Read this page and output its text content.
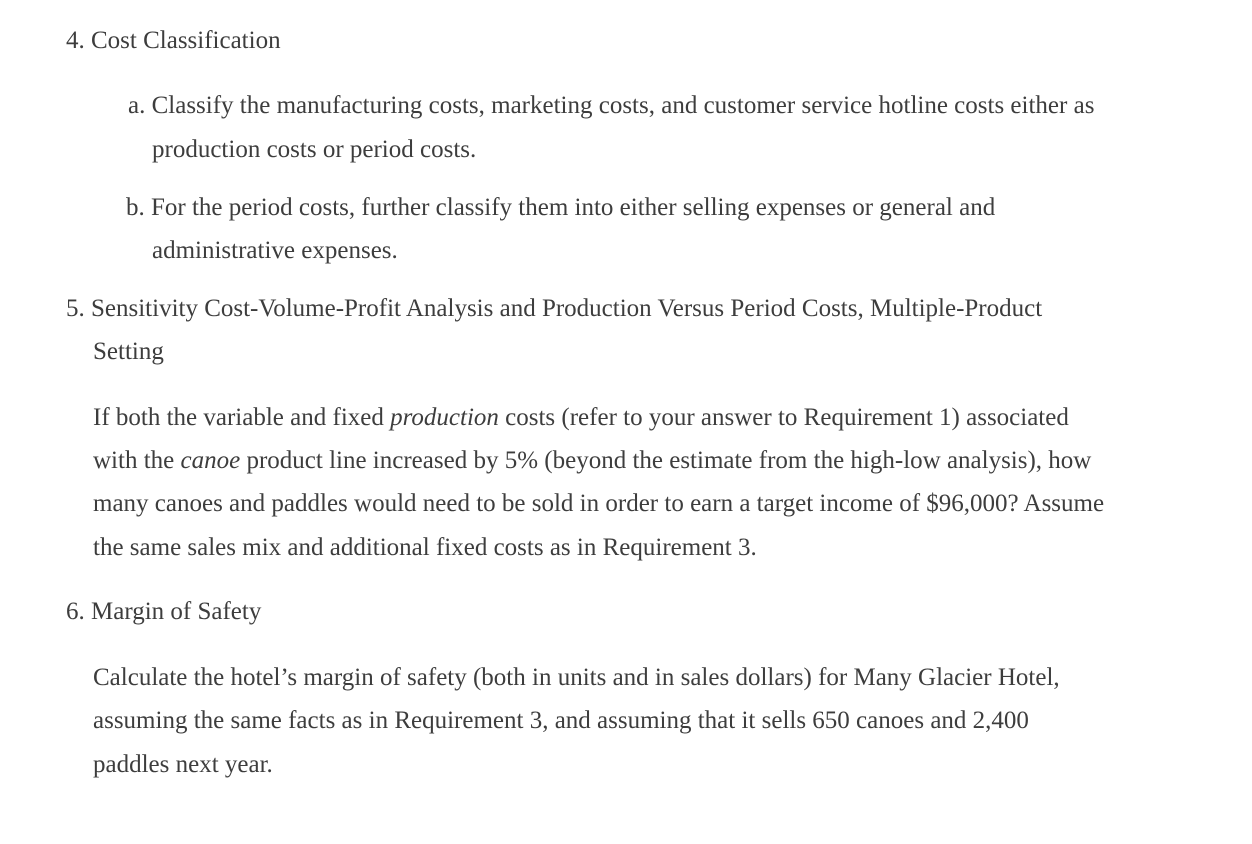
4. Cost Classification
a. Classify the manufacturing costs, marketing costs, and customer service hotline costs either as
production costs or period costs.
b. For the period costs, further classify them into either selling expenses or general and
administrative expenses.
5. Sensitivity Cost-Volume-Profit Analysis and Production Versus Period Costs, Multiple-Product
Setting
If both the variable and fixed production costs (refer to your answer to Requirement 1) associated
with the canoe product line increased by 5% (beyond the estimate from the high-low analysis), how
many canoes and paddles would need to be sold in order to earn a target income of $96,000? Assume
the same sales mix and additional fixed costs as in Requirement 3.
6. Margin of Safety
Calculate the hotel’s margin of safety (both in units and in sales dollars) for Many Glacier Hotel,
assuming the same facts as in Requirement 3, and assuming that it sells 650 canoes and 2,400
paddles next year.
